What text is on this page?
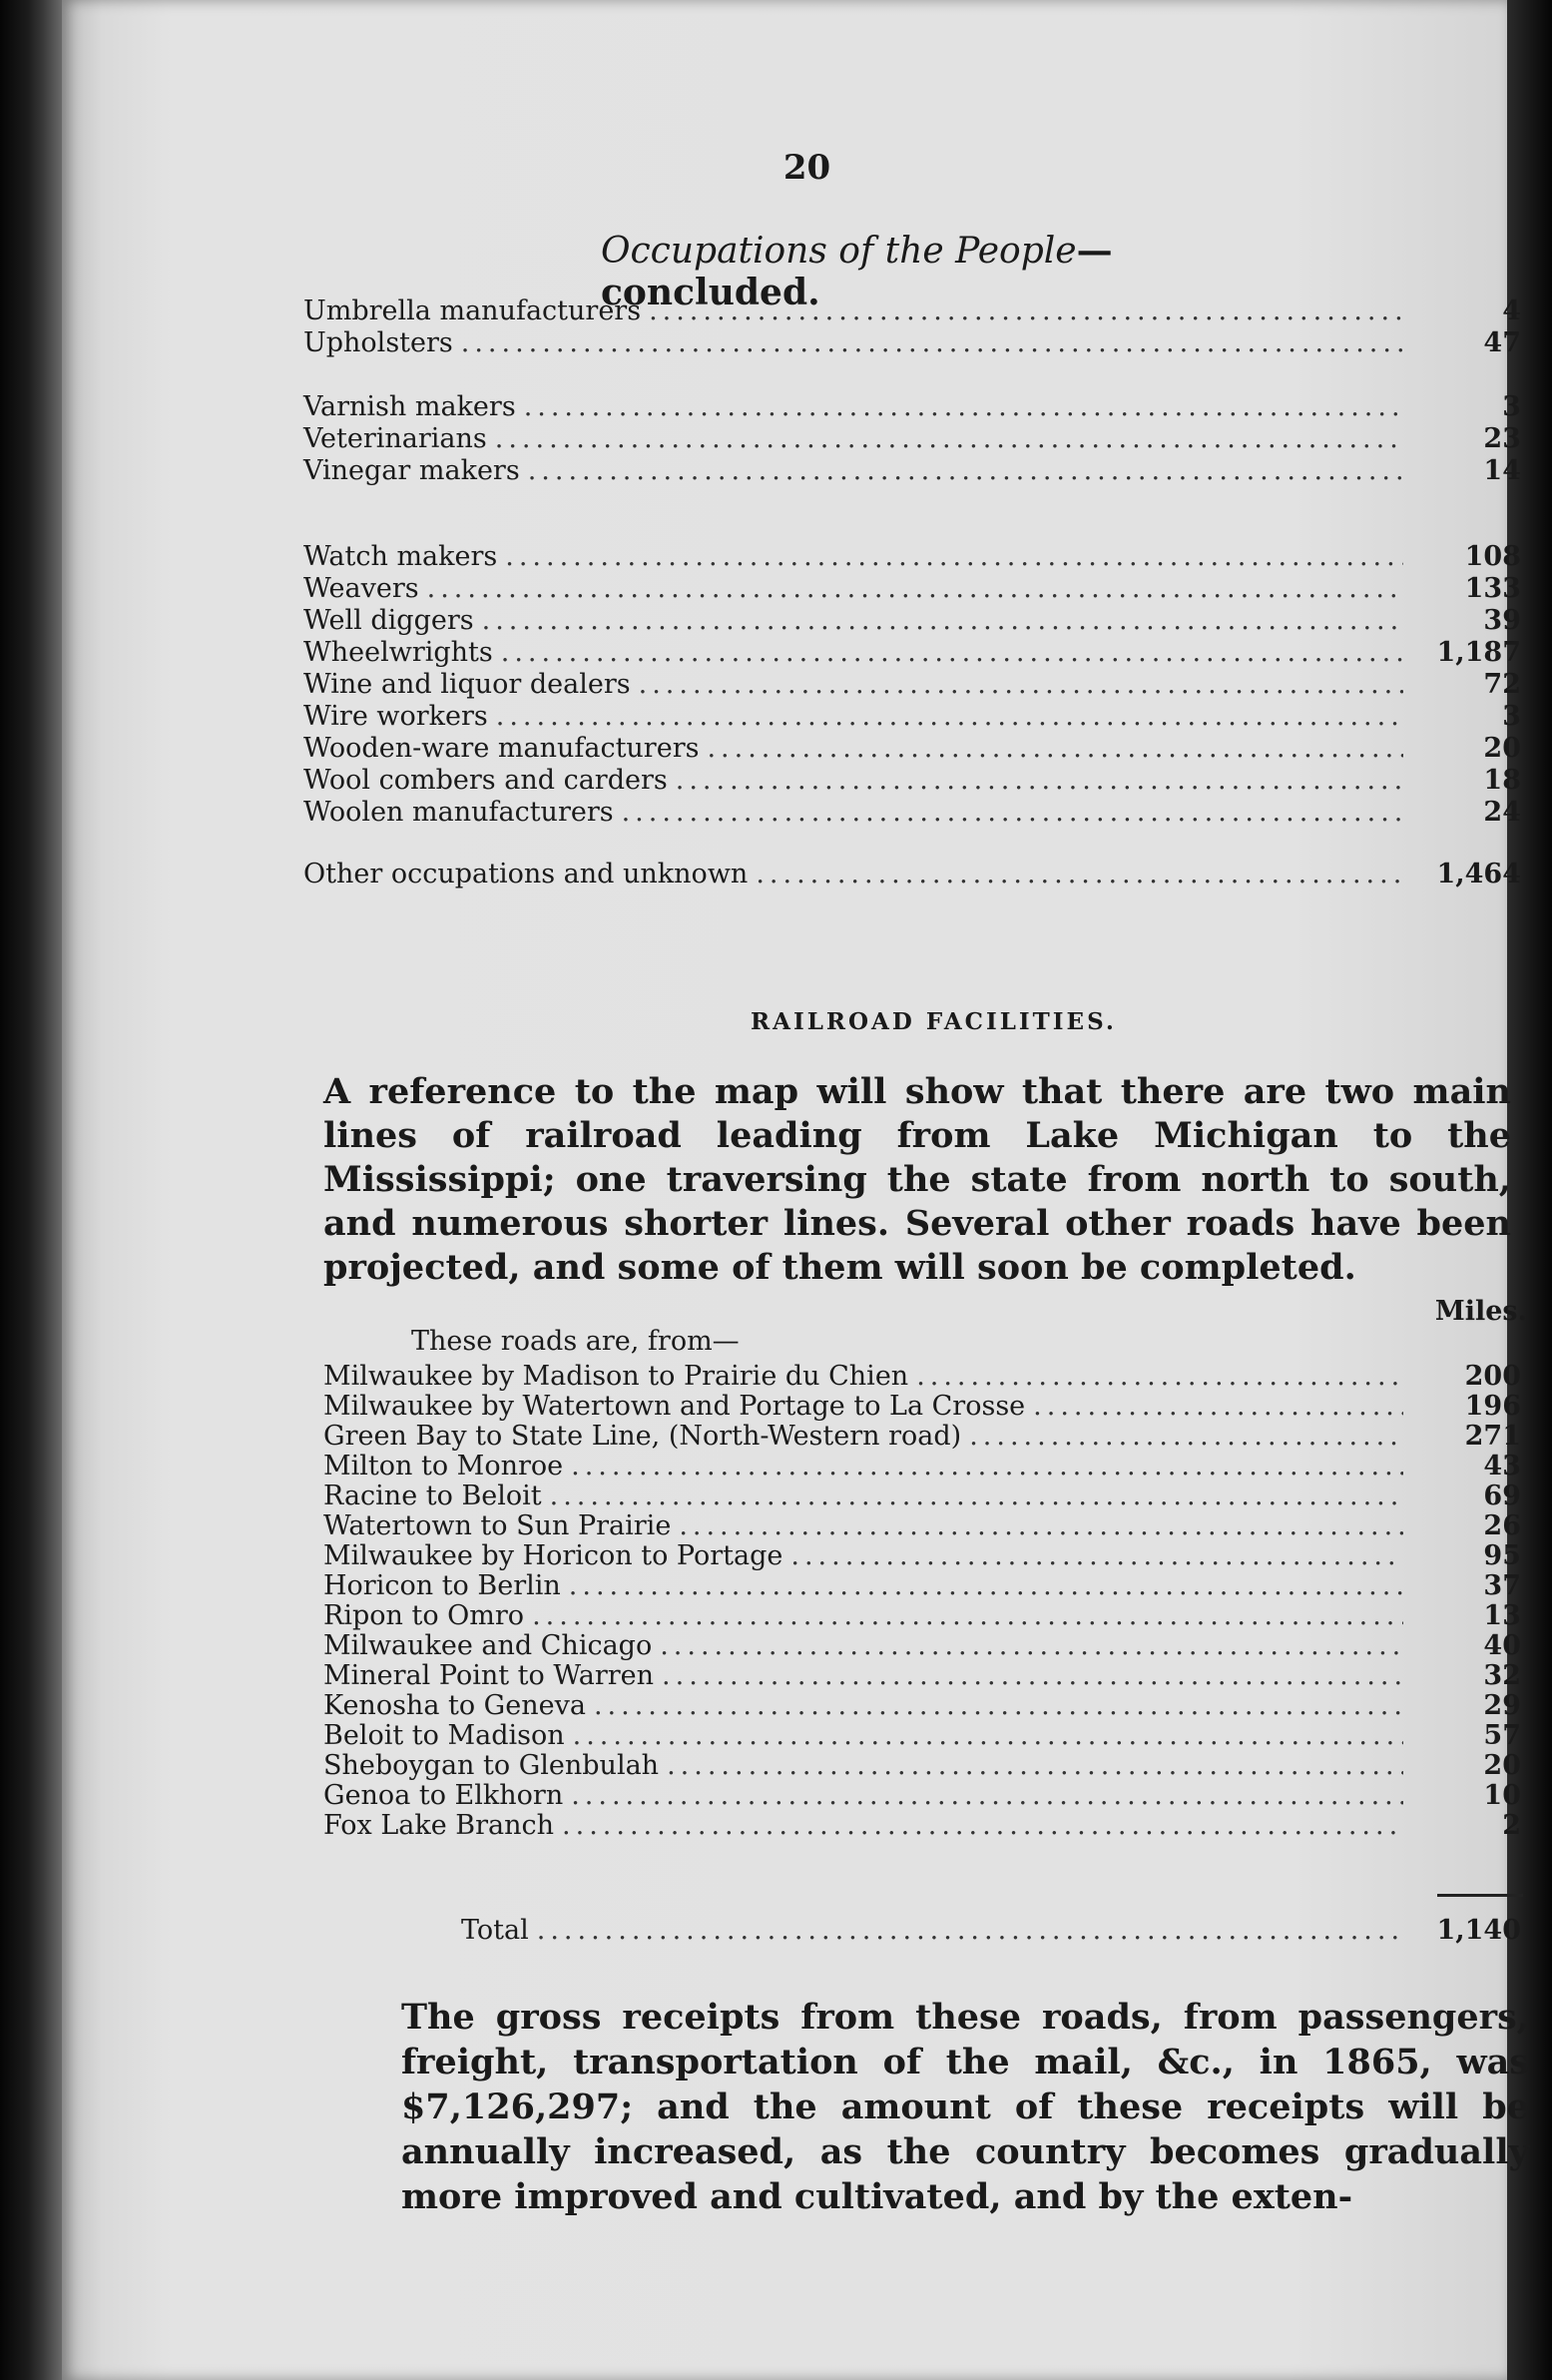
20
Occupations of the People—concluded.
Umbrella manufacturers .....	4
Upholsters .....	47
Varnish makers .....	3
Veterinarians .....	23
Vinegar makers .....	14
Watch makers .....	108
Weavers .....	133
Well diggers .....	39
Wheelwrights .....	1,187
Wine and liquor dealers .....	72
Wire workers .....	3
Wooden-ware manufacturers .....	20
Wool combers and carders .....	18
Woolen manufacturers .....	24
Other occupations and unknown .....	1,464
RAILROAD FACILITIES.
A reference to the map will show that there are two main lines of railroad leading from Lake Michigan to the Mississippi; one traversing the state from north to south, and numerous shorter lines. Several other roads have been projected, and some of them will soon be completed.
These roads are, from—
Miles.
Milwaukee by Madison to Prairie du Chien .....	200
Milwaukee by Watertown and Portage to La Crosse .....	196
Green Bay to State Line, (North-Western road) .....	271
Milton to Monroe .....	43
Racine to Beloit .....	69
Watertown to Sun Prairie .....	26
Milwaukee by Horicon to Portage .....	95
Horicon to Berlin .....	37
Ripon to Omro .....	13
Milwaukee and Chicago .....	40
Mineral Point to Warren .....	32
Kenosha to Geneva .....	29
Beloit to Madison .....	57
Sheboygan to Glenbulah .....	20
Genoa to Elkhorn .....	10
Fox Lake Branch .....	2
Total .....	1,140
The gross receipts from these roads, from passengers, freight, transportation of the mail, &c., in 1865, was $7,126,297; and the amount of these receipts will be annually increased, as the country becomes gradually more improved and cultivated, and by the exten-
